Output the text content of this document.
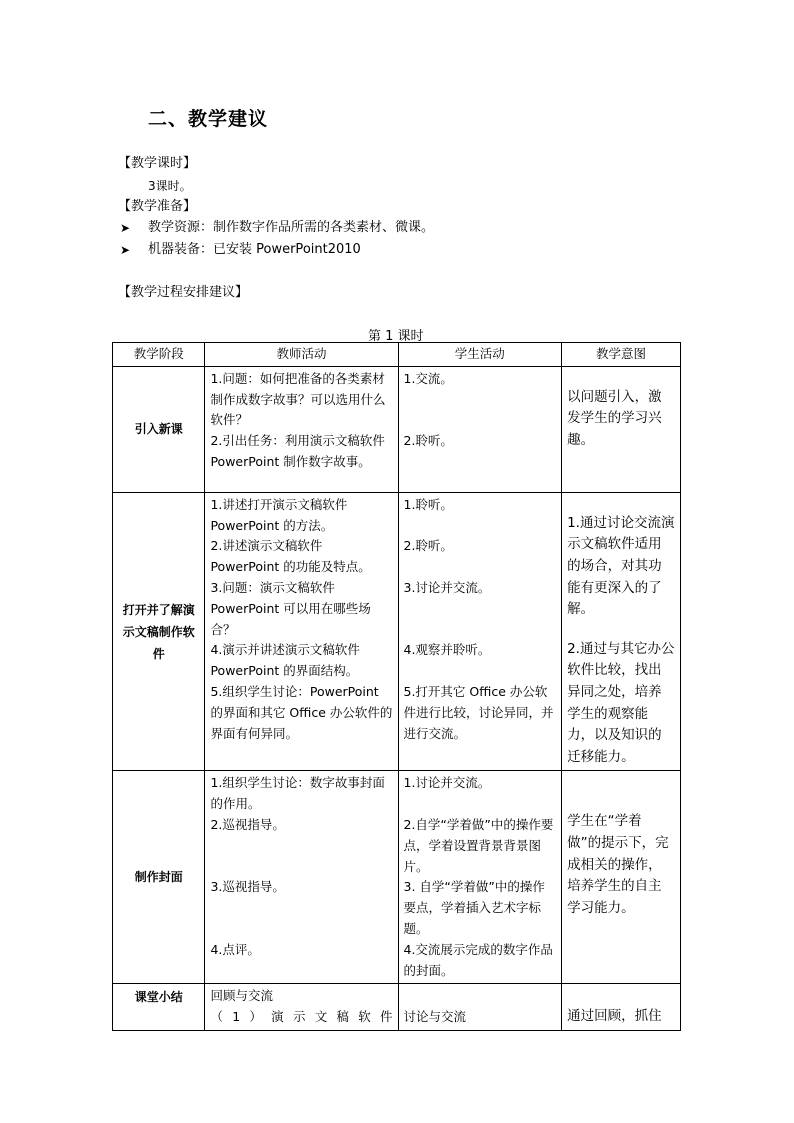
二、教学建议
【教学课时】
3课时。
【教学准备】
➤ 教学资源：制作数字作品所需的各类素材、微课。
➤ 机器装备：已安装 PowerPoint2010
【教学过程安排建议】
第 1 课时
教学阶段	教师活动	学生活动	教学意图
引入新课	1.问题：如何把准备的各类素材制作成数字故事？可以选用什么软件？
2.引出任务：利用演示文稿软件 PowerPoint 制作数字故事。	1.交流。
2.聆听。	以问题引入，激发学生的学习兴趣。

打开并了解演示文稿制作软件	1.讲述打开演示文稿软件 PowerPoint 的方法。
2.讲述演示文稿软件 PowerPoint 的功能及特点。
3.问题：演示文稿软件 PowerPoint 可以用在哪些场合？
4.演示并讲述演示文稿软件 PowerPoint 的界面结构。
5.组织学生讨论：PowerPoint 的界面和其它 Office 办公软件的界面有何异同。	1.聆听。
2.聆听。
3.讨论并交流。
4.观察并聆听。
5.打开其它 Office 办公软件进行比较，讨论异同，并进行交流。	1.通过讨论交流演示文稿软件适用的场合，对其功能有更深入的了解。
2.通过与其它办公软件比较，找出异同之处，培养学生的观察能力，以及知识的迁移能力。

制作封面	1.组织学生讨论：数字故事封面的作用。
2.巡视指导。
3.巡视指导。
4.点评。	1.讨论并交流。
2.自学“学着做”中的操作要点，学着设置背景背景图片。
3. 自学“学着做”中的操作要点，学着插入艺术字标题。
4.交流展示完成的数字作品的封面。	学生在“学着做”的提示下，完成相关的操作，培养学生的自主学习能力。

课堂小结	回顾与交流
（1）演示文稿软件	讨论与交流	通过回顾，抓住
